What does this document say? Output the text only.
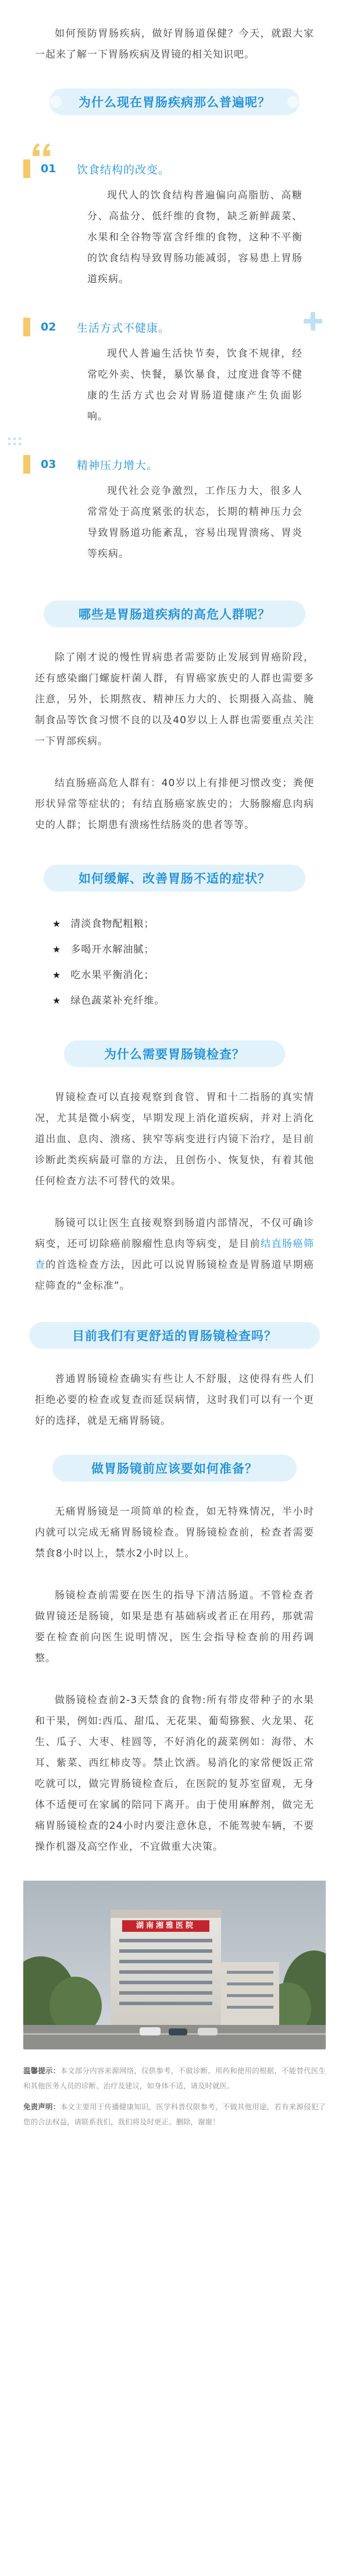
如何预防胃肠疾病，做好胃肠道保健？今天，就跟大家一起来了解一下胃肠疾病及胃镜的相关知识吧。

为什么现在胃肠疾病那么普遍呢？
01 饮食结构的改变。

现代人的饮食结构普遍偏向高脂肪、高糖分、高盐分、低纤维的食物，缺乏新鲜蔬菜、水果和全谷物等富含纤维的食物，这种不平衡的饮食结构导致胃肠功能减弱，容易患上胃肠道疾病。

02 生活方式不健康。

现代人普遍生活快节奏，饮食不规律，经常吃外卖、快餐，暴饮暴食，过度进食等不健康的生活方式也会对胃肠道健康产生负面影响。

03 精神压力增大。

现代社会竞争激烈，工作压力大，很多人常常处于高度紧张的状态，长期的精神压力会导致胃肠道功能紊乱，容易出现胃溃疡、胃炎等疾病。

哪些是胃肠道疾病的高危人群呢？

除了刚才说的慢性胃病患者需要防止发展到胃癌阶段，还有感染幽门螺旋杆菌人群，有胃癌家族史的人群也需要多注意，另外，长期熬夜、精神压力大的、长期摄入高盐、腌制食品等饮食习惯不良的以及40岁以上人群也需要重点关注一下胃部疾病。

结直肠癌高危人群有：40岁以上有排便习惯改变；粪便形状异常等症状的；有结直肠癌家族史的；大肠腺瘤息肉病史的人群；长期患有溃疡性结肠炎的患者等等。

如何缓解、改善胃肠不适的症状？
★ 清淡食物配粗粮；
★ 多喝开水解油腻；
★ 吃水果平衡消化；
★ 绿色蔬菜补充纤维。
为什么需要胃肠镜检查？

胃镜检查可以直接观察到食管、胃和十二指肠的真实情况，尤其是微小病变，早期发现上消化道疾病，并对上消化道出血、息肉、溃疡、狭窄等病变进行内镜下治疗，是目前诊断此类疾病最可靠的方法，且创伤小、恢复快，有着其他任何检查方法不可替代的效果。

肠镜可以让医生直接观察到肠道内部情况，不仅可确诊病变，还可切除癌前腺瘤性息肉等病变，是目前结直肠癌筛查的首选检查方法，因此可以说胃肠镜检查是胃肠道早期癌症筛查的“金标准”。

目前我们有更舒适的胃肠镜检查吗？

普通胃肠镜检查确实有些让人不舒服，这使得有些人们拒绝必要的检查或复查而延误病情，这时我们可以有一个更好的选择，就是无痛胃肠镜。

做胃肠镜前应该要如何准备？

无痛胃肠镜是一项简单的检查，如无特殊情况，半小时内就可以完成无痛胃肠镜检查。胃肠镜检查前，检查者需要禁食8小时以上，禁水2小时以上。

肠镜检查前需要在医生的指导下清洁肠道。不管检查者做胃镜还是肠镜，如果是患有基础病或者正在用药，那就需要在检查前向医生说明情况，医生会指导检查前的用药调整。

做肠镜检查前2-3天禁食的食物:所有带皮带种子的水果和干果，例如:西瓜、甜瓜、无花果、葡萄猕猴、火龙果、花生、瓜子、大枣、桂圆等，不好消化的蔬菜例如：海带、木耳、紫菜、西红柿皮等。禁止饮酒。易消化的家常便饭正常吃就可以，做完胃肠镜检查后，在医院的复苏室留观，无身体不适便可在家属的陪同下离开。由于使用麻醉剂，做完无痛胃肠镜检查的24小时内要注意休息，不能驾驶车辆，不要操作机器及高空作业，不宜做重大决策。

湖南湘雅医院
温馨提示：本文部分内容来源网络，仅供参考，不做诊断、用药和使用的根据，不能替代医生和其他医务人员的诊断、治疗及建议，如身体不适，请及时就医。
免责声明：本文主要用于传播健康知识，医学科普仅限参考，不做其他用途，若有来源侵犯了您的合法权益，请联系我们，我们将及时更正、删除，谢谢！
